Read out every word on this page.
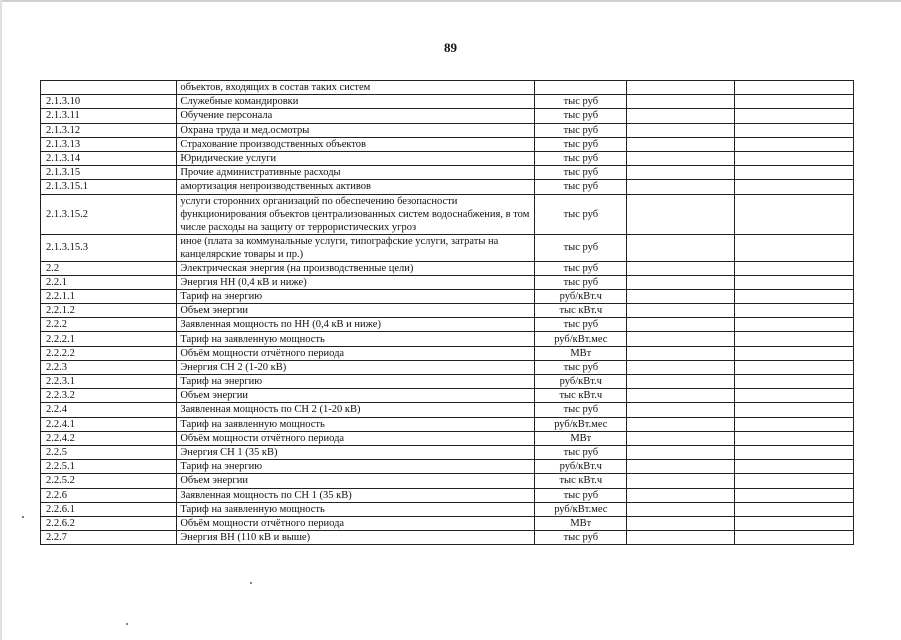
89
	объектов, входящих в состав таких систем			
2.1.3.10	Служебные командировки	тыс руб		
2.1.3.11	Обучение персонала	тыс руб		
2.1.3.12	Охрана труда и мед.осмотры	тыс руб		
2.1.3.13	Страхование производственных объектов	тыс руб		
2.1.3.14	Юридические услуги	тыс руб		
2.1.3.15	Прочие административные расходы	тыс руб		
2.1.3.15.1	амортизация непроизводственных активов	тыс руб		
2.1.3.15.2	услуги сторонних организаций по обеспечению безопасности функционирования объектов централизованных систем водоснабжения, в том числе расходы на защиту от террористических угроз	тыс руб		
2.1.3.15.3	иное (плата за коммунальные услуги, типографские услуги, затраты на канцелярские товары и пр.)	тыс руб		
2.2	Электрическая энергия (на производственные цели)	тыс руб		
2.2.1	Энергия НН (0,4 кВ и ниже)	тыс руб		
2.2.1.1	Тариф на энергию	руб/кВт.ч		
2.2.1.2	Объем энергии	тыс кВт.ч		
2.2.2	Заявленная мощность по НН (0,4 кВ и ниже)	тыс руб		
2.2.2.1	Тариф на заявленную мощность	руб/кВт.мес		
2.2.2.2	Объём мощности отчётного периода	МВт		
2.2.3	Энергия СН 2 (1-20 кВ)	тыс руб		
2.2.3.1	Тариф на энергию	руб/кВт.ч		
2.2.3.2	Объем энергии	тыс кВт.ч		
2.2.4	Заявленная мощность по СН 2 (1-20 кВ)	тыс руб		
2.2.4.1	Тариф на заявленную мощность	руб/кВт.мес		
2.2.4.2	Объём мощности отчётного периода	МВт		
2.2.5	Энергия СН 1 (35 кВ)	тыс руб		
2.2.5.1	Тариф на энергию	руб/кВт.ч		
2.2.5.2	Объем энергии	тыс кВт.ч		
2.2.6	Заявленная мощность по СН 1 (35 кВ)	тыс руб		
2.2.6.1	Тариф на заявленную мощность	руб/кВт.мес		
2.2.6.2	Объём мощности отчётного периода	МВт		
2.2.7	Энергия ВН (110 кВ и выше)	тыс руб		
